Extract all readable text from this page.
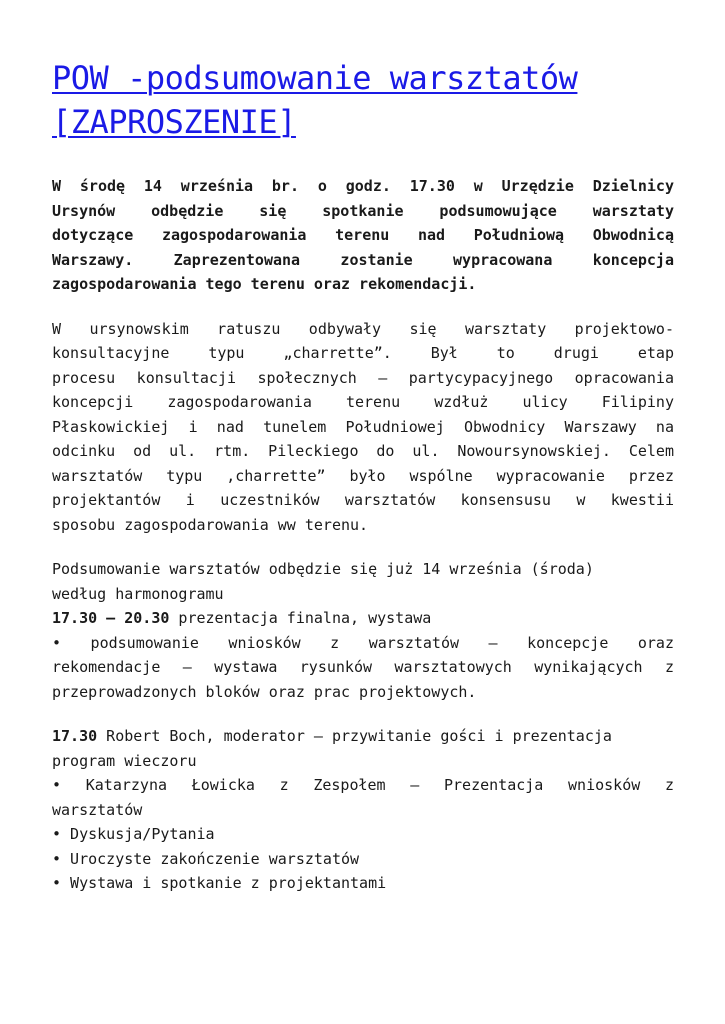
POW -podsumowanie warsztatów
[ZAPROSZENIE]

W środę 14 września br. o godz. 17.30 w Urzędzie Dzielnicy
Ursynów odbędzie się spotkanie podsumowujące warsztaty
dotyczące zagospodarowania terenu nad Południową Obwodnicą
Warszawy. Zaprezentowana zostanie wypracowana koncepcja
zagospodarowania tego terenu oraz rekomendacji.

W ursynowskim ratuszu odbywały się warsztaty projektowo-
konsultacyjne typu „charrette”. Był to drugi etap
procesu konsultacji społecznych – partycypacyjnego opracowania
koncepcji zagospodarowania terenu wzdłuż ulicy Filipiny
Płaskowickiej i nad tunelem Południowej Obwodnicy Warszawy na
odcinku od ul. rtm. Pileckiego do ul. Nowoursynowskiej. Celem
warsztatów typu ‚charrette” było wspólne wypracowanie przez
projektantów i uczestników warsztatów konsensusu w kwestii
sposobu zagospodarowania ww terenu.

Podsumowanie warsztatów odbędzie się już 14 września (środa)
według harmonogramu
17.30 – 20.30 prezentacja finalna, wystawa
• podsumowanie wniosków z warsztatów – koncepcje oraz
rekomendacje – wystawa rysunków warsztatowych wynikających z
przeprowadzonych bloków oraz prac projektowych.

17.30 Robert Boch, moderator – przywitanie gości i prezentacja
program wieczoru
• Katarzyna Łowicka z Zespołem – Prezentacja wniosków z
warsztatów
• Dyskusja/Pytania
• Uroczyste zakończenie warsztatów
• Wystawa i spotkanie z projektantami
